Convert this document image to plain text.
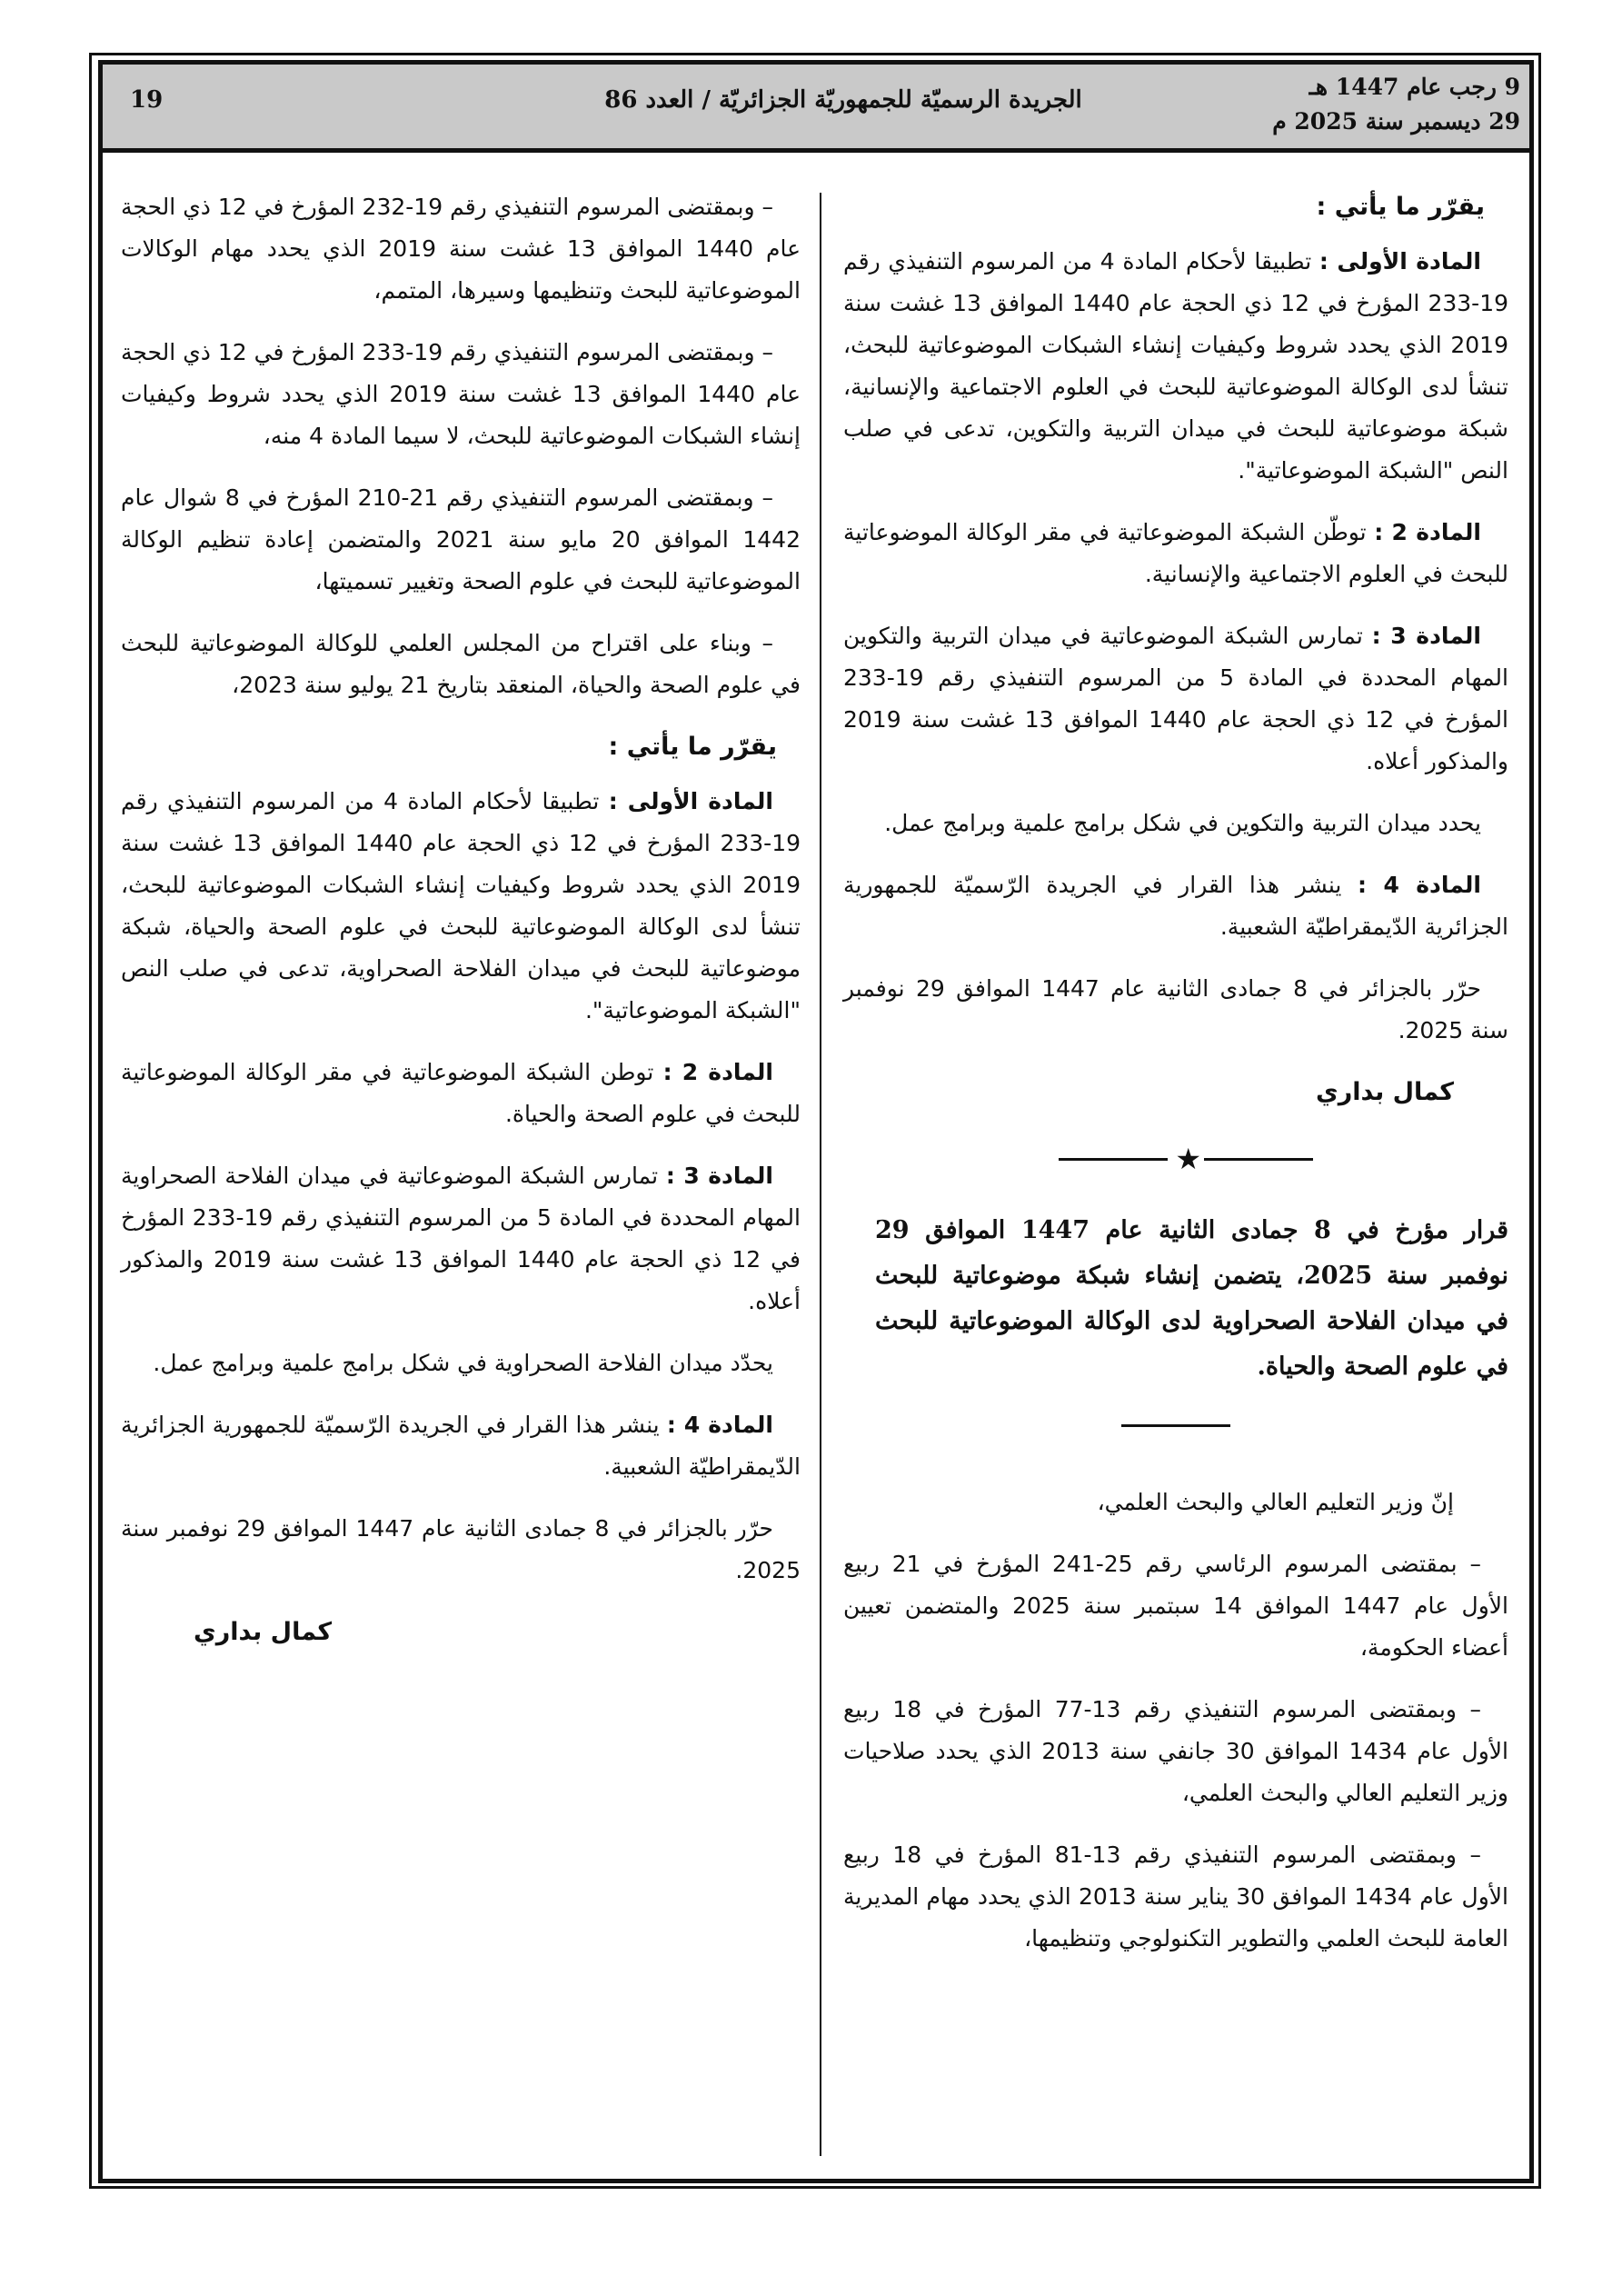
9 رجب عام 1447 هـ
29 ديسمبر سنة 2025 م
الجريدة الرسميّة للجمهوريّة الجزائريّة / العدد 86
19
يقرّر ما يأتي :

المادة الأولى : تطبيقا لأحكام المادة 4 من المرسوم التنفيذي رقم 19-233 المؤرخ في 12 ذي الحجة عام 1440 الموافق 13 غشت سنة 2019 الذي يحدد شروط وكيفيات إنشاء الشبكات الموضوعاتية للبحث، تنشأ لدى الوكالة الموضوعاتية للبحث في العلوم الاجتماعية والإنسانية، شبكة موضوعاتية للبحث في ميدان التربية والتكوين، تدعى في صلب النص "الشبكة الموضوعاتية".

المادة 2 : توطّن الشبكة الموضوعاتية في مقر الوكالة الموضوعاتية للبحث في العلوم الاجتماعية والإنسانية.

المادة 3 : تمارس الشبكة الموضوعاتية في ميدان التربية والتكوين المهام المحددة في المادة 5 من المرسوم التنفيذي رقم 19-233 المؤرخ في 12 ذي الحجة عام 1440 الموافق 13 غشت سنة 2019 والمذكور أعلاه.

يحدد ميدان التربية والتكوين في شكل برامج علمية وبرامج عمل.

المادة 4 : ينشر هذا القرار في الجريدة الرّسميّة للجمهورية الجزائرية الدّيمقراطيّة الشعبية.

حرّر بالجزائر في 8 جمادى الثانية عام 1447 الموافق 29 نوفمبر سنة 2025.

كمال بداري
★
قرار مؤرخ في 8 جمادى الثانية عام 1447 الموافق 29 نوفمبر سنة 2025، يتضمن إنشاء شبكة موضوعاتية للبحث في ميدان الفلاحة الصحراوية لدى الوكالة الموضوعاتية للبحث في علوم الصحة والحياة.

إنّ وزير التعليم العالي والبحث العلمي،

– بمقتضى المرسوم الرئاسي رقم 25-241 المؤرخ في 21 ربيع الأول عام 1447 الموافق 14 سبتمبر سنة 2025 والمتضمن تعيين أعضاء الحكومة،

– وبمقتضى المرسوم التنفيذي رقم 13-77 المؤرخ في 18 ربيع الأول عام 1434 الموافق 30 جانفي سنة 2013 الذي يحدد صلاحيات وزير التعليم العالي والبحث العلمي،

– وبمقتضى المرسوم التنفيذي رقم 13-81 المؤرخ في 18 ربيع الأول عام 1434 الموافق 30 يناير سنة 2013 الذي يحدد مهام المديرية العامة للبحث العلمي والتطوير التكنولوجي وتنظيمها،

– وبمقتضى المرسوم التنفيذي رقم 19-232 المؤرخ في 12 ذي الحجة عام 1440 الموافق 13 غشت سنة 2019 الذي يحدد مهام الوكالات الموضوعاتية للبحث وتنظيمها وسيرها، المتمم،

– وبمقتضى المرسوم التنفيذي رقم 19-233 المؤرخ في 12 ذي الحجة عام 1440 الموافق 13 غشت سنة 2019 الذي يحدد شروط وكيفيات إنشاء الشبكات الموضوعاتية للبحث، لا سيما المادة 4 منه،

– وبمقتضى المرسوم التنفيذي رقم 21-210 المؤرخ في 8 شوال عام 1442 الموافق 20 مايو سنة 2021 والمتضمن إعادة تنظيم الوكالة الموضوعاتية للبحث في علوم الصحة وتغيير تسميتها،

– وبناء على اقتراح من المجلس العلمي للوكالة الموضوعاتية للبحث في علوم الصحة والحياة، المنعقد بتاريخ 21 يوليو سنة 2023،

يقرّر ما يأتي :

المادة الأولى : تطبيقا لأحكام المادة 4 من المرسوم التنفيذي رقم 19-233 المؤرخ في 12 ذي الحجة عام 1440 الموافق 13 غشت سنة 2019 الذي يحدد شروط وكيفيات إنشاء الشبكات الموضوعاتية للبحث، تنشأ لدى الوكالة الموضوعاتية للبحث في علوم الصحة والحياة، شبكة موضوعاتية للبحث في ميدان الفلاحة الصحراوية، تدعى في صلب النص "الشبكة الموضوعاتية".

المادة 2 : توطن الشبكة الموضوعاتية في مقر الوكالة الموضوعاتية للبحث في علوم الصحة والحياة.

المادة 3 : تمارس الشبكة الموضوعاتية في ميدان الفلاحة الصحراوية المهام المحددة في المادة 5 من المرسوم التنفيذي رقم 19-233 المؤرخ في 12 ذي الحجة عام 1440 الموافق 13 غشت سنة 2019 والمذكور أعلاه.

يحدّد ميدان الفلاحة الصحراوية في شكل برامج علمية وبرامج عمل.

المادة 4 : ينشر هذا القرار في الجريدة الرّسميّة للجمهورية الجزائرية الدّيمقراطيّة الشعبية.

حرّر بالجزائر في 8 جمادى الثانية عام 1447 الموافق 29 نوفمبر سنة 2025.

كمال بداري
